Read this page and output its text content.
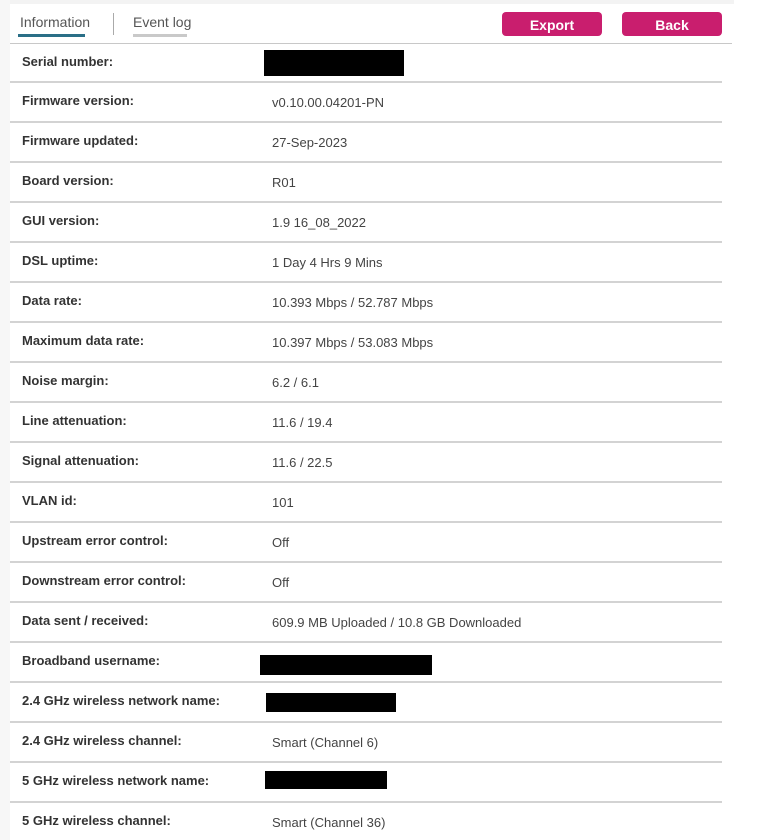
Information	Event log	Export	Back
Serial number:
Firmware version:	v0.10.00.04201-PN
Firmware updated:	27-Sep-2023
Board version:	R01
GUI version:	1.9 16_08_2022
DSL uptime:	1 Day 4 Hrs 9 Mins
Data rate:	10.393 Mbps / 52.787 Mbps
Maximum data rate:	10.397 Mbps / 53.083 Mbps
Noise margin:	6.2 / 6.1
Line attenuation:	11.6 / 19.4
Signal attenuation:	11.6 / 22.5
VLAN id:	101
Upstream error control:	Off
Downstream error control:	Off
Data sent / received:	609.9 MB Uploaded / 10.8 GB Downloaded
Broadband username:
2.4 GHz wireless network name:
2.4 GHz wireless channel:	Smart (Channel 6)
5 GHz wireless network name:
5 GHz wireless channel:	Smart (Channel 36)
